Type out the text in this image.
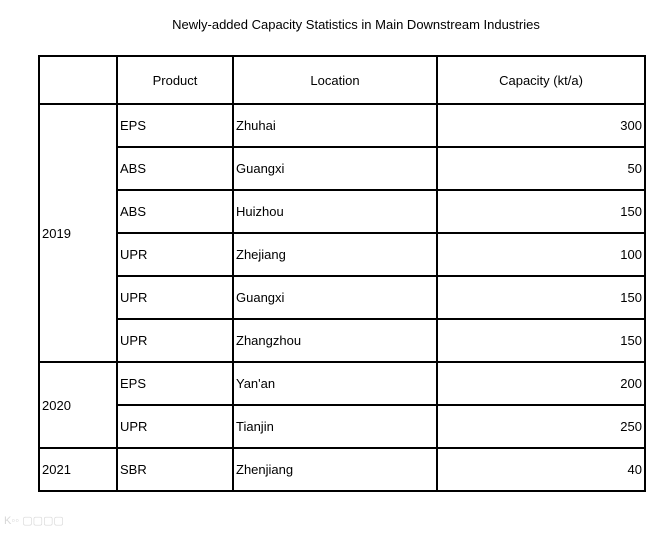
Newly-added Capacity Statistics in Main Downstream Industries
	Product	Location	Capacity (kt/a)
2019	EPS	Zhuhai	300
	ABS	Guangxi	50
	ABS	Huizhou	150
	UPR	Zhejiang	100
	UPR	Guangxi	150
	UPR	Zhangzhou	150
2020	EPS	Yan'an	200
	UPR	Tianjin	250
2021	SBR	Zhenjiang	40
K◦◦ ▢▢▢▢
